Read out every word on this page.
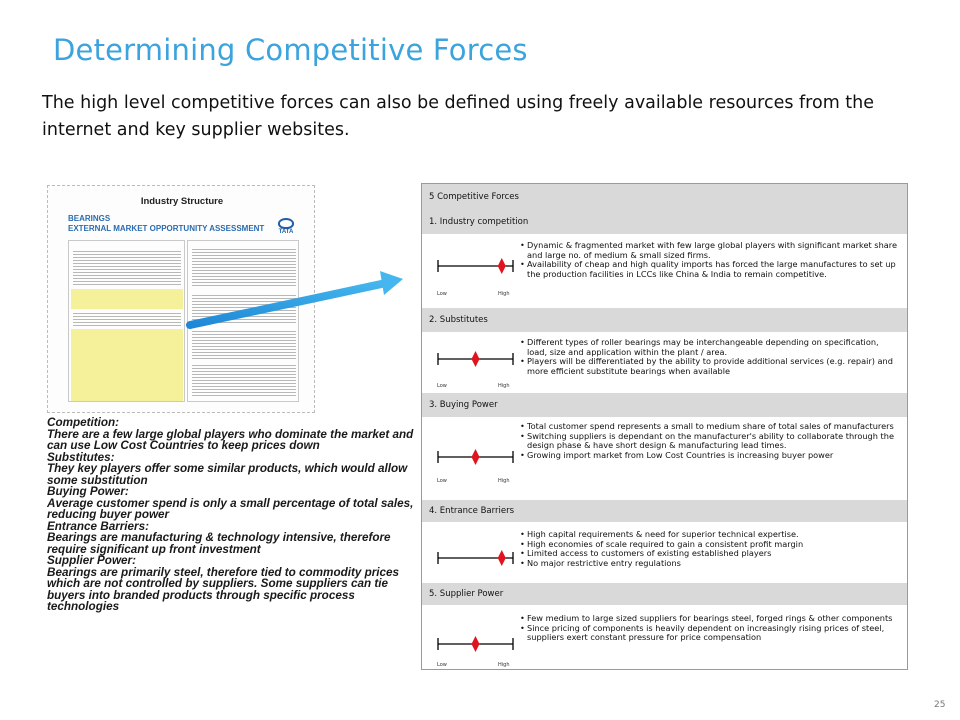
Determining Competitive Forces
The high level competitive forces can also be defined using freely available resources from the internet and key supplier websites.
Industry Structure
BEARINGS
EXTERNAL MARKET OPPORTUNITY ASSESSMENT	TATA
Competition:
There are a few large global players who dominate the market and can use Low Cost Countries to keep prices down
Substitutes:
They key players offer some similar products, which would allow some substitution
Buying Power:
Average customer spend is only a small percentage of total sales, reducing buyer power
Entrance Barriers:
Bearings are manufacturing & technology intensive, therefore require significant up front investment
Supplier Power:
Bearings are primarily steel, therefore tied to commodity prices which are not controlled by suppliers. Some suppliers can tie buyers into branded products through specific process technologies
5 Competitive Forces
1. Industry competition
Low	High
• Dynamic & fragmented market with few large global players with significant market share and large no. of medium & small sized firms.
• Availability of cheap and high quality imports has forced the large manufactures to set up the production facilities in LCCs like China & India to remain competitive.
2. Substitutes
Low	High
• Different types of roller bearings may be interchangeable depending on specification, load, size and application within the plant / area.
• Players will be differentiated by the ability to provide additional services (e.g. repair) and more efficient substitute bearings when available
3. Buying Power
Low	High
• Total customer spend represents a small to medium share of total sales of manufacturers
• Switching suppliers is dependant on the manufacturer's ability to collaborate through the design phase & have short design & manufacturing lead times.
• Growing import market from Low Cost Countries is increasing buyer power
4. Entrance Barriers
• High capital requirements & need for superior technical expertise.
• High economies of scale required to gain a consistent profit margin
• Limited access to customers of existing established players
• No major restrictive entry regulations
5. Supplier Power
Low	High
• Few medium to large sized suppliers for bearings steel, forged rings & other components
• Since pricing of components is heavily dependent on increasingly rising prices of steel, suppliers exert constant pressure for price compensation
25
